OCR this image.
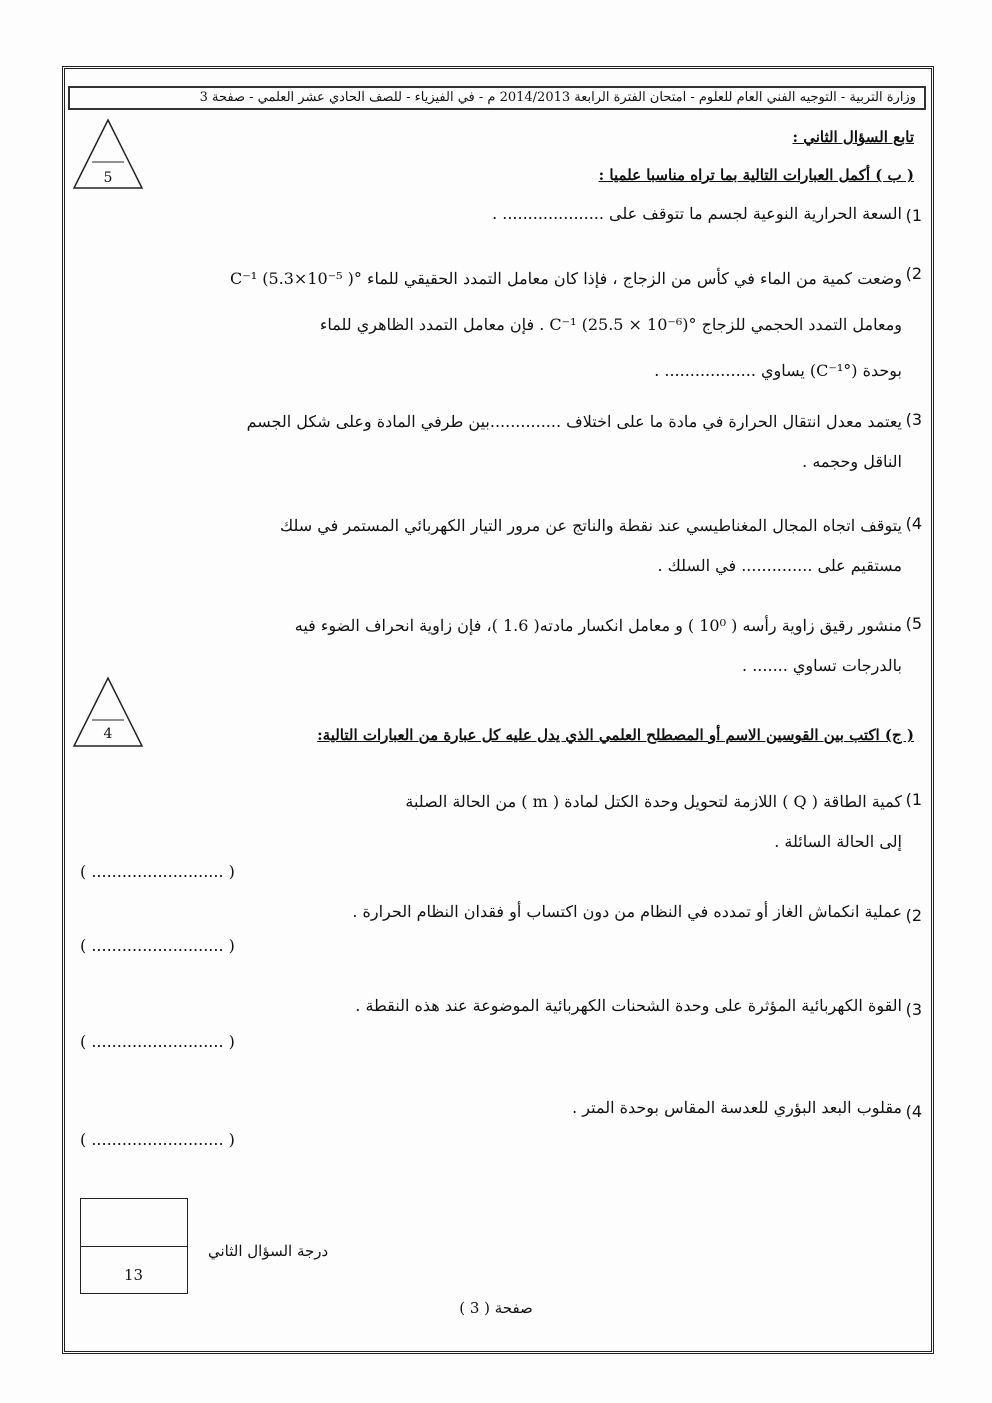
وزارة التربية - التوجيه الفني العام للعلوم - امتحان الفترة الرابعة 2014/2013 م - في الفيزياء - للصف الحادي عشر العلمي - صفحة 3
تابع السؤال الثاني :
5	( ب ) أكمل العبارات التالية بما تراه مناسبا علميا :
(1
السعة الحرارية النوعية لجسم ما تتوقف على .................... .
(2
وضعت كمية من الماء في كأس من الزجاج ، فإذا كان معامل التمدد الحقيقي للماء °C⁻¹ (5.3×10⁻⁵ )
ومعامل التمدد الحجمي للزجاج °C⁻¹ (25.5 × 10⁻⁶) . فإن معامل التمدد الظاهري للماء
بوحدة (°C⁻¹) يساوي .................. .
(3
يعتمد معدل انتقال الحرارة في مادة ما على اختلاف ..............بين طرفي المادة وعلى شكل الجسم
الناقل وحجمه .
(4
يتوقف اتجاه المجال المغناطيسي عند نقطة والناتج عن مرور التيار الكهربائي المستمر في سلك
مستقيم على .............. في السلك .
(5
منشور رقيق زاوية رأسه ( 10⁰ ) و معامل انكسار مادته( 1.6 )، فإن زاوية انحراف الضوء فيه
بالدرجات تساوي ....... .
4	( ج) اكتب بين القوسين الاسم أو المصطلح العلمي الذي يدل عليه كل عبارة من العبارات التالية:
(1
كمية الطاقة ( Q ) اللازمة لتحويل وحدة الكتل لمادة ( m ) من الحالة الصلبة
إلى الحالة السائلة .
( .......................... )
(2
عملية انكماش الغاز أو تمدده في النظام من دون اكتساب أو فقدان النظام الحرارة .
( .......................... )
(3
القوة الكهربائية المؤثرة على وحدة الشحنات الكهربائية الموضوعة عند هذه النقطة .
( .......................... )
(4
مقلوب البعد البؤري للعدسة المقاس بوحدة المتر .
( .......................... )
13
درجة السؤال الثاني
صفحة ( 3 )
